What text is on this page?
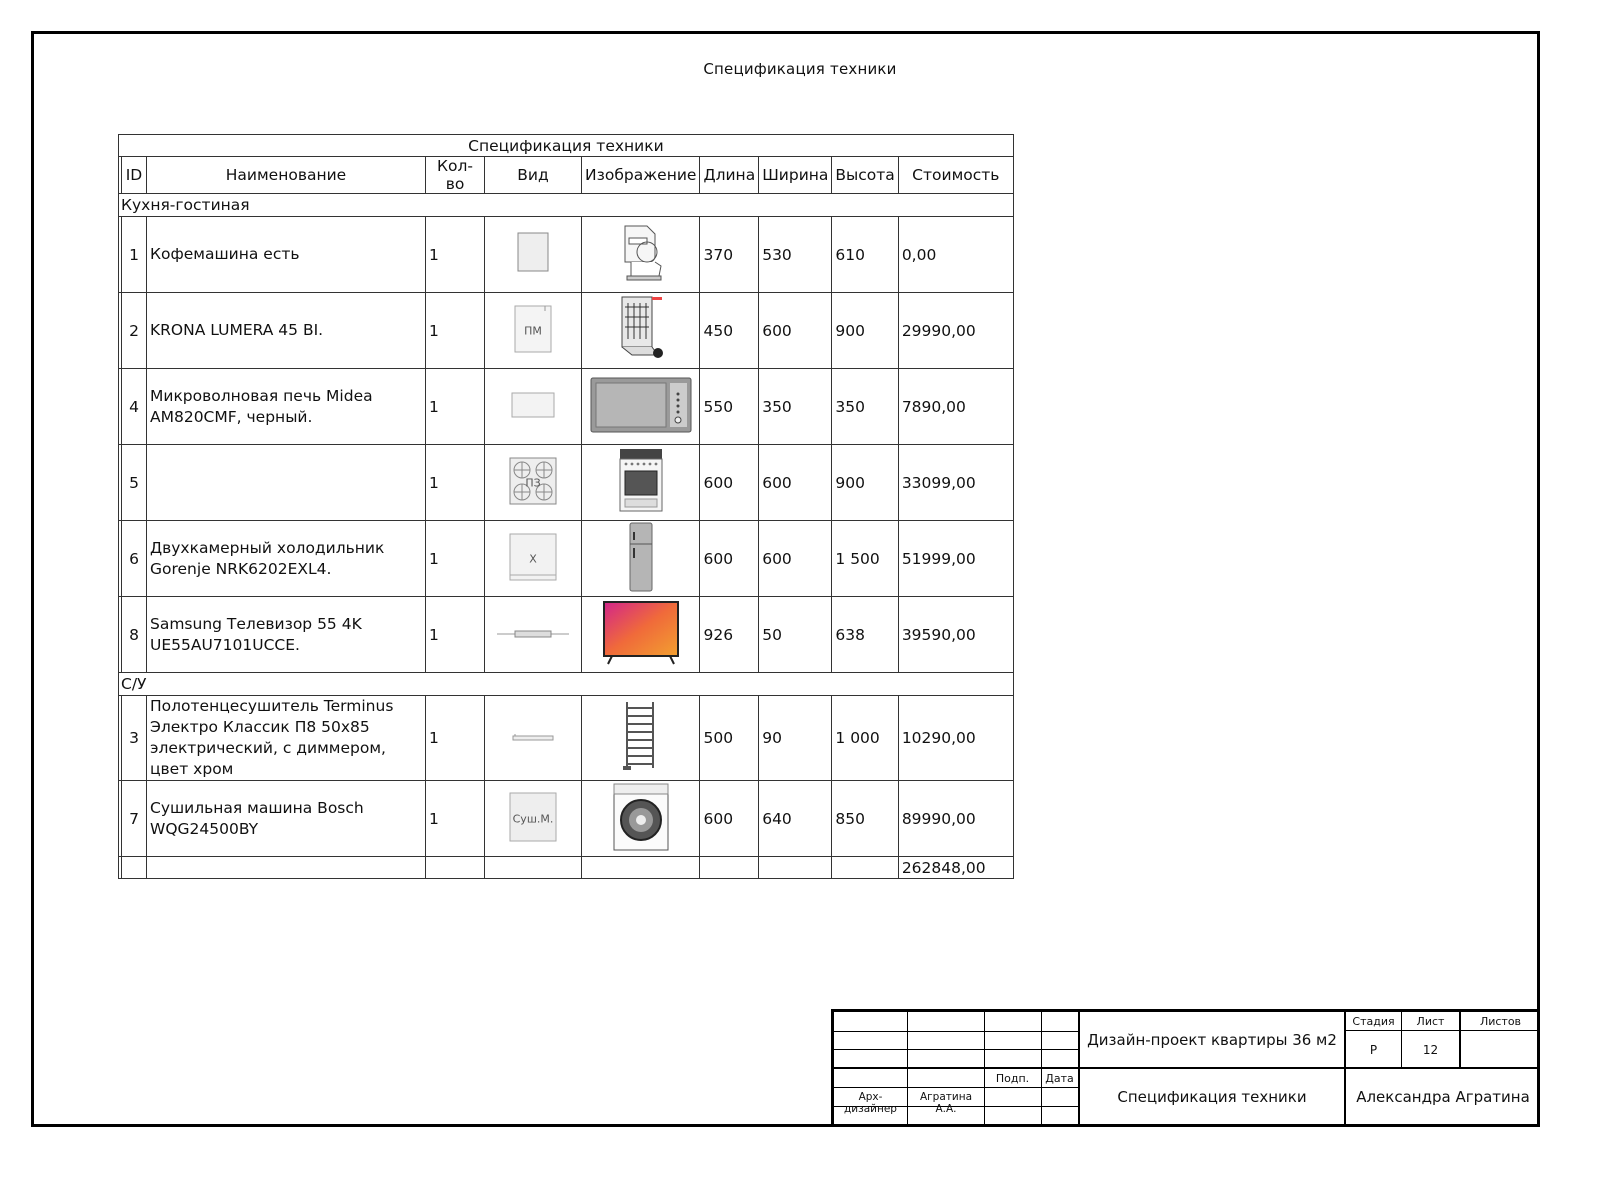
Спецификация техники
Спецификация техники									
	ID	Наименование	Кол-во	Вид	Изображение	Длина	Ширина	Высота	Стоимость
Кухня-гостиная									
	1	Кофемашина есть	1			370	530	610	0,00
	2	KRONA LUMERA 45 BI.	1	ПМ		450	600	900	29990,00
	4	Микроволновая печь Midea AM820CMF, черный.	1			550	350	350	7890,00
	5		1	ПЗ		600	600	900	33099,00
	6	Двухкамерный холодильник Gorenje NRK6202EXL4.	1	X		600	600	1 500	51999,00
	8	Samsung Телевизор 55 4K UE55AU7101UCCE.	1			926	50	638	39590,00
С/У									
	3	Полотенцесушитель Terminus Электро Классик П8 50x85 электрический, с диммером, цвет хром	1			500	90	1 000	10290,00
	7	Сушильная машина Bosch WQG24500BY	1	Суш.М.		600	640	850	89990,00
									262848,00
Подп.	Дата
Арх-дизайнер
Агратина А.А.
Дизайн-проект квартиры 36 м2
Спецификация техники	Александра Агратина
Стадия	Лист	Листов
Р	12
